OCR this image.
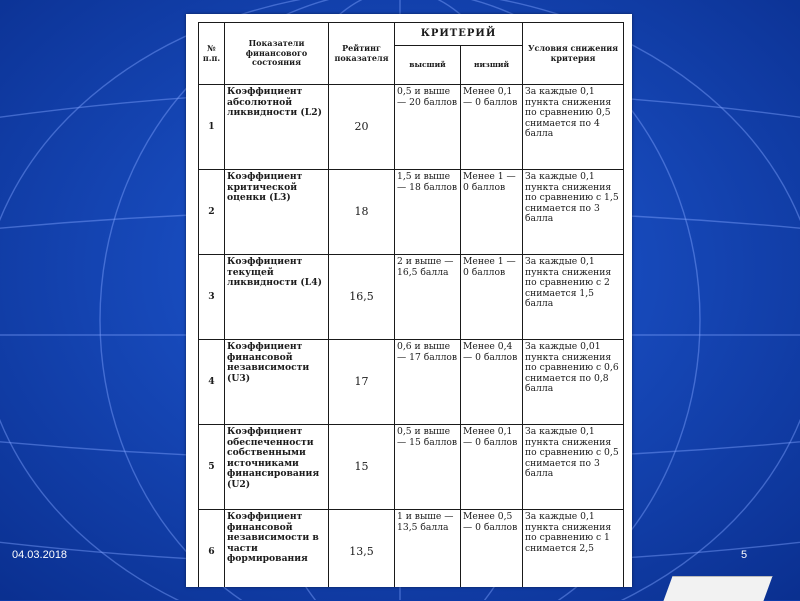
№ п.п.	Показатели финансового состояния	Рейтинг показателя	КРИТЕРИЙ		Условия снижения критерия
			высший	низший	
1	Коэффициент абсолютной ликвидности (L2)	20	0,5 и выше — 20 баллов	Менее 0,1 — 0 баллов	За каждые 0,1 пункта снижения по сравнению 0,5 снимается по 4 балла
2	Коэффициент критической оценки (L3)	18	1,5 и выше — 18 баллов	Менее 1 — 0 баллов	За каждые 0,1 пункта снижения по сравнению с 1,5 снимается по 3 балла
3	Коэффициент текущей ликвидности (L4)	16,5	2 и выше — 16,5 балла	Менее 1 — 0 баллов	За каждые 0,1 пункта снижения по сравнению с 2 снимается 1,5 балла
4	Коэффициент финансовой независимости (U3)	17	0,6 и выше — 17 баллов	Менее 0,4 — 0 баллов	За каждые 0,01 пункта снижения по сравнению с 0,6 снимается по 0,8 балла
5	Коэффициент обеспеченности собственными источниками финансирования (U2)	15	0,5 и выше — 15 баллов	Менее 0,1 — 0 баллов	За каждые 0,1 пункта снижения по сравнению с 0,5 снимается по 3 балла
6	Коэффициент финансовой независимости в части формирования	13,5	1 и выше — 13,5 балла	Менее 0,5 — 0 баллов	За каждые 0,1 пункта снижения по сравнению с 1 снимается 2,5
04.03.2018	5
